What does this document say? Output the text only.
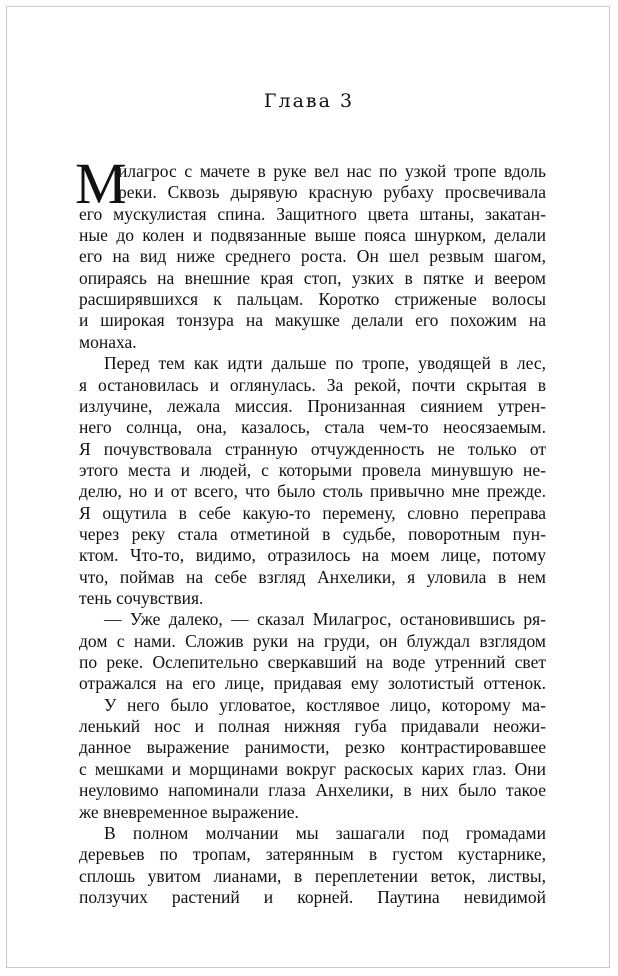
Глава 3
М
илагрос с мачете в руке вел нас по узкой тропе вдоль
реки. Сквозь дырявую красную рубаху просвечивала
его мускулистая спина. Защитного цвета штаны, закатан-
ные до колен и подвязанные выше пояса шнурком, делали
его на вид ниже среднего роста. Он шел резвым шагом,
опираясь на внешние края стоп, узких в пятке и веером
расширявшихся к пальцам. Коротко стриженые волосы
и широкая тонзура на макушке делали его похожим на
монаха.
Перед тем как идти дальше по тропе, уводящей в лес,
я остановилась и оглянулась. За рекой, почти скрытая в
излучине, лежала миссия. Пронизанная сиянием утрен-
него солнца, она, казалось, стала чем-то неосязаемым.
Я почувствовала странную отчужденность не только от
этого места и людей, с которыми провела минувшую не-
делю, но и от всего, что было столь привычно мне прежде.
Я ощутила в себе какую-то перемену, словно переправа
через реку стала отметиной в судьбе, поворотным пун-
ктом. Что-то, видимо, отразилось на моем лице, потому
что, поймав на себе взгляд Анхелики, я уловила в нем
тень сочувствия.
— Уже далеко, — сказал Милагрос, остановившись ря-
дом с нами. Сложив руки на груди, он блуждал взглядом
по реке. Ослепительно сверкавший на воде утренний свет
отражался на его лице, придавая ему золотистый оттенок.
У него было угловатое, костлявое лицо, которому ма-
ленький нос и полная нижняя губа придавали неожи-
данное выражение ранимости, резко контрастировавшее
с мешками и морщинами вокруг раскосых карих глаз. Они
неуловимо напоминали глаза Анхелики, в них было такое
же вневременное выражение.
В полном молчании мы зашагали под громадами
деревьев по тропам, затерянным в густом кустарнике,
сплошь увитом лианами, в переплетении веток, листвы,
ползучих растений и корней. Паутина невидимой
